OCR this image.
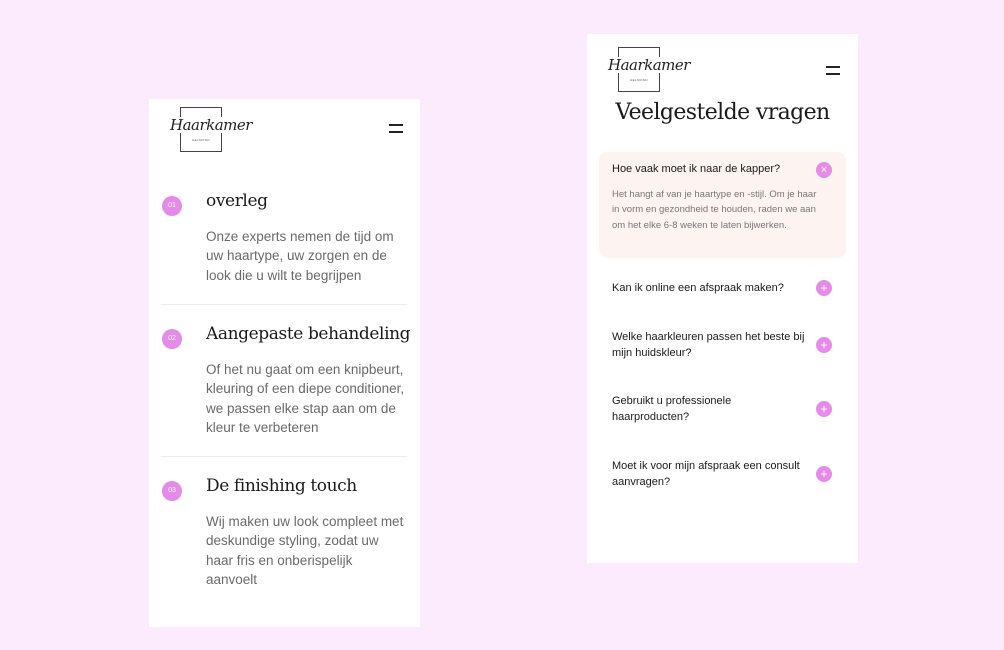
Haarkamer
HELMOND
01	overleg
Onze experts nemen de tijd om uw haartype, uw zorgen en de look die u wilt te begrijpen
02	Aangepaste behandeling
Of het nu gaat om een knipbeurt, kleuring of een diepe conditioner, we passen elke stap aan om de kleur te verbeteren
03	De finishing touch
Wij maken uw look compleet met deskundige styling, zodat uw haar fris en onberispelijk aanvoelt
Haarkamer
HELMOND
Veelgestelde vragen
Hoe vaak moet ik naar de kapper?	×
Het hangt af van je haartype en -stijl. Om je haar in vorm en gezondheid te houden, raden we aan om het elke 6-8 weken te laten bijwerken.
Kan ik online een afspraak maken?	+
Welke haarkleuren passen het beste bij mijn huidskleur?
+
Gebruikt u professionele haarproducten?
+
Moet ik voor mijn afspraak een consult aanvragen?
+
